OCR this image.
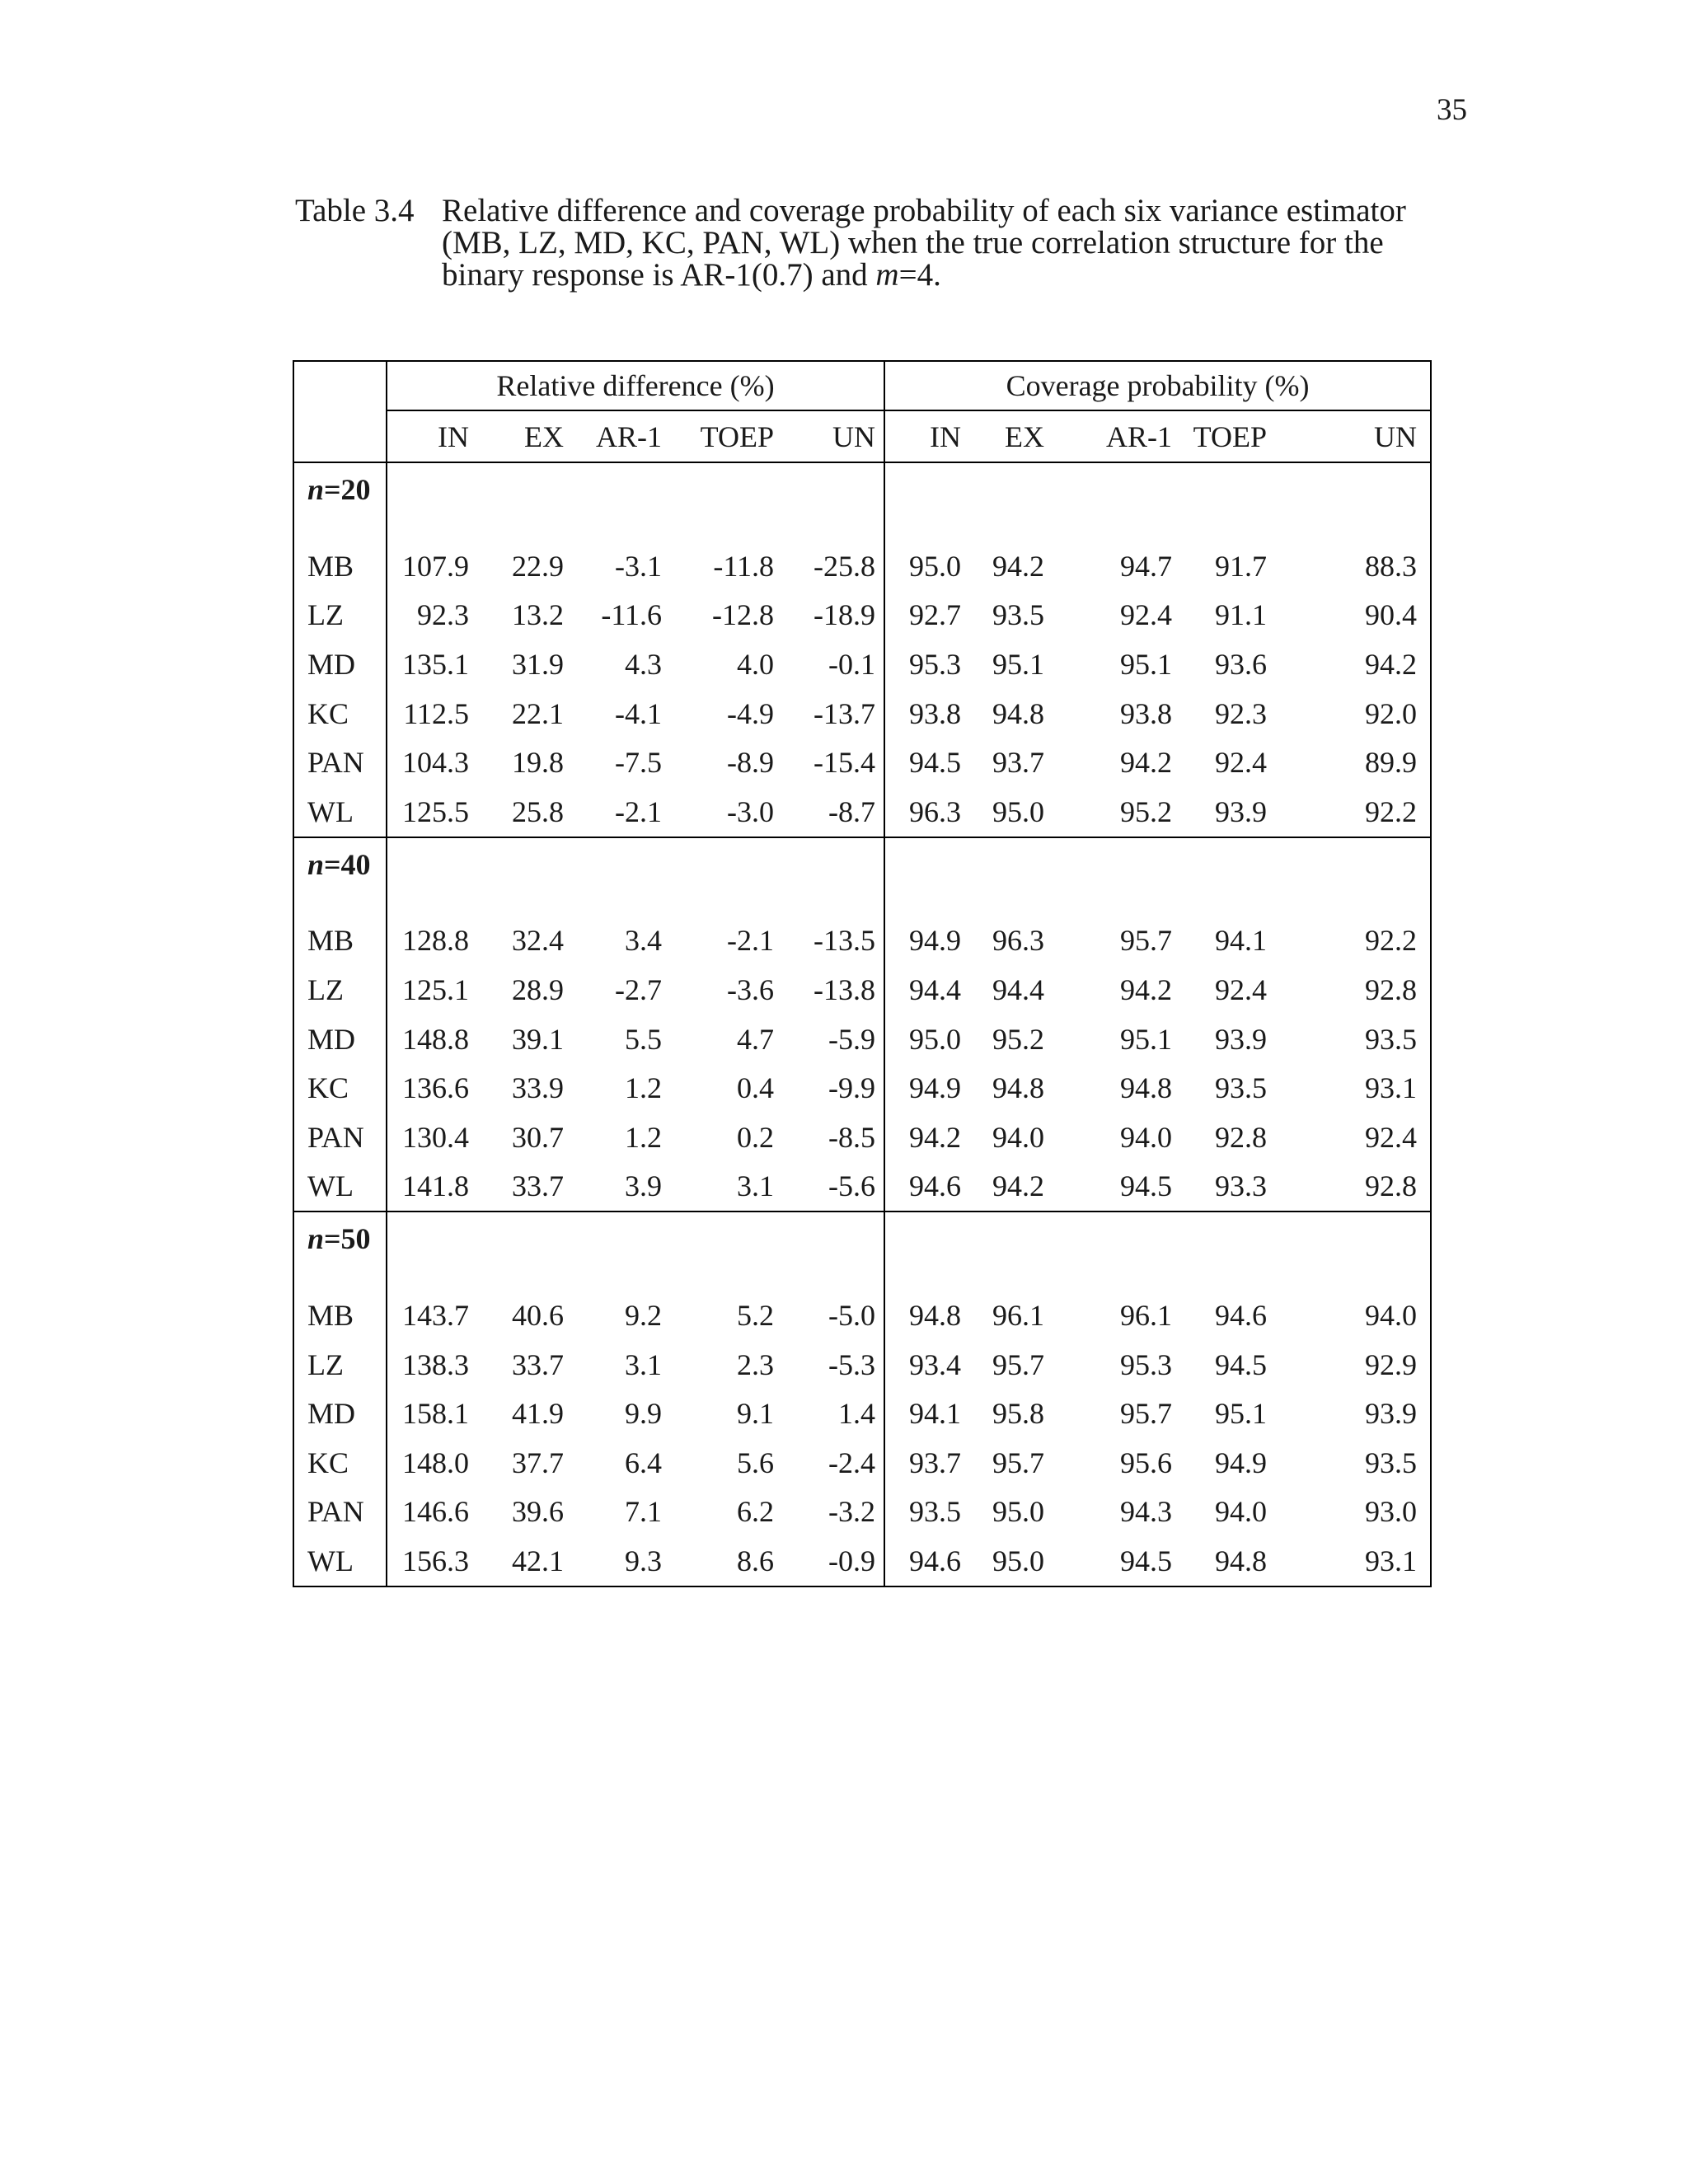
35
Table 3.4 Relative difference and coverage probability of each six variance estimator (MB, LZ, MD, KC, PAN, WL) when the true correlation structure for the binary response is AR-1(0.7) and m=4.
	Relative difference (%)					Coverage probability (%)				
	IN	EX	AR-1	TOEP	UN	IN	EX	AR-1	TOEP	UN
n=20										
MB	107.9	22.9	-3.1	-11.8	-25.8	95.0	94.2	94.7	91.7	88.3
LZ	92.3	13.2	-11.6	-12.8	-18.9	92.7	93.5	92.4	91.1	90.4
MD	135.1	31.9	4.3	4.0	-0.1	95.3	95.1	95.1	93.6	94.2
KC	112.5	22.1	-4.1	-4.9	-13.7	93.8	94.8	93.8	92.3	92.0
PAN	104.3	19.8	-7.5	-8.9	-15.4	94.5	93.7	94.2	92.4	89.9
WL	125.5	25.8	-2.1	-3.0	-8.7	96.3	95.0	95.2	93.9	92.2
n=40										
MB	128.8	32.4	3.4	-2.1	-13.5	94.9	96.3	95.7	94.1	92.2
LZ	125.1	28.9	-2.7	-3.6	-13.8	94.4	94.4	94.2	92.4	92.8
MD	148.8	39.1	5.5	4.7	-5.9	95.0	95.2	95.1	93.9	93.5
KC	136.6	33.9	1.2	0.4	-9.9	94.9	94.8	94.8	93.5	93.1
PAN	130.4	30.7	1.2	0.2	-8.5	94.2	94.0	94.0	92.8	92.4
WL	141.8	33.7	3.9	3.1	-5.6	94.6	94.2	94.5	93.3	92.8
n=50										
MB	143.7	40.6	9.2	5.2	-5.0	94.8	96.1	96.1	94.6	94.0
LZ	138.3	33.7	3.1	2.3	-5.3	93.4	95.7	95.3	94.5	92.9
MD	158.1	41.9	9.9	9.1	1.4	94.1	95.8	95.7	95.1	93.9
KC	148.0	37.7	6.4	5.6	-2.4	93.7	95.7	95.6	94.9	93.5
PAN	146.6	39.6	7.1	6.2	-3.2	93.5	95.0	94.3	94.0	93.0
WL	156.3	42.1	9.3	8.6	-0.9	94.6	95.0	94.5	94.8	93.1
